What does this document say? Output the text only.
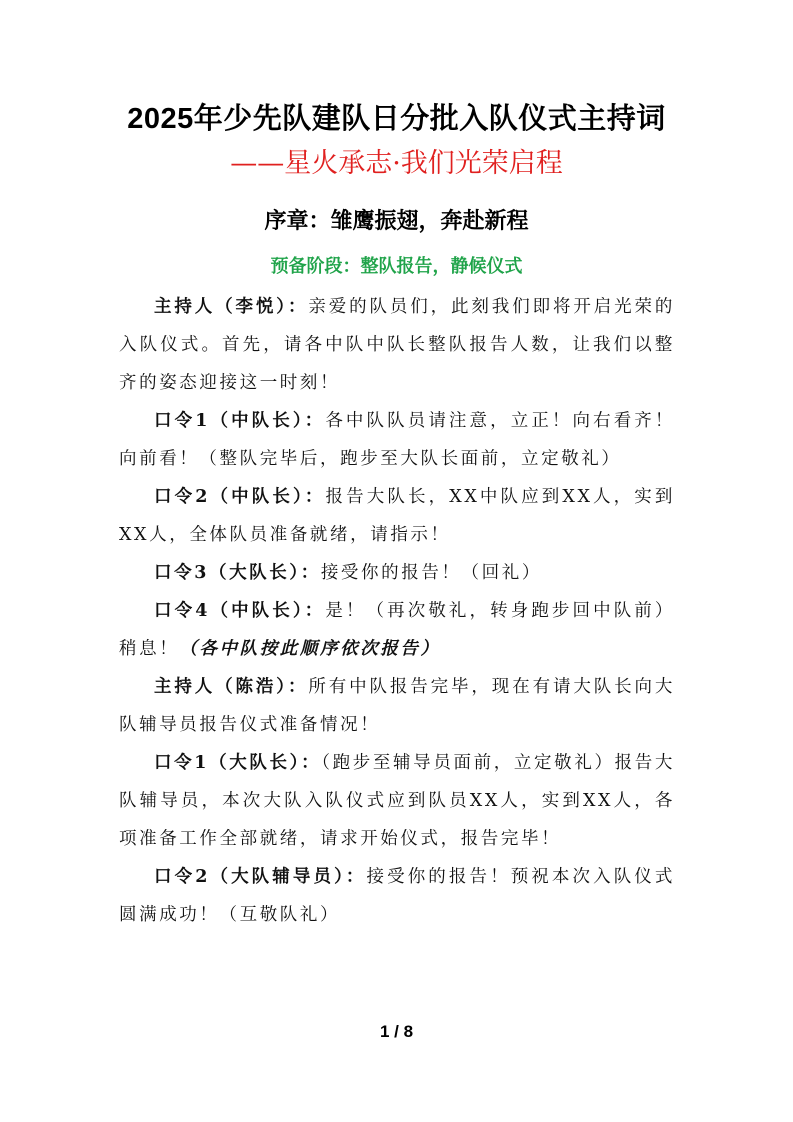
2025年少先队建队日分批入队仪式主持词
——星火承志·我们光荣启程
序章：雏鹰振翅，奔赴新程
预备阶段：整队报告，静候仪式

主持人（李悦）：亲爱的队员们，此刻我们即将开启光荣的入队仪式。首先，请各中队中队长整队报告人数，让我们以整齐的姿态迎接这一时刻！

口令1（中队长）：各中队队员请注意，立正！向右看齐！向前看！（整队完毕后，跑步至大队长面前，立定敬礼）

口令2（中队长）：报告大队长，XX中队应到XX人，实到XX人，全体队员准备就绪，请指示！

口令3（大队长）：接受你的报告！（回礼）

口令4（中队长）：是！（再次敬礼，转身跑步回中队前）稍息！（各中队按此顺序依次报告）

主持人（陈浩）：所有中队报告完毕，现在有请大队长向大队辅导员报告仪式准备情况！

口令1（大队长）：（跑步至辅导员面前，立定敬礼）报告大队辅导员，本次大队入队仪式应到队员XX人，实到XX人，各项准备工作全部就绪，请求开始仪式，报告完毕！

口令2（大队辅导员）：接受你的报告！预祝本次入队仪式圆满成功！（互敬队礼）

1 / 8
